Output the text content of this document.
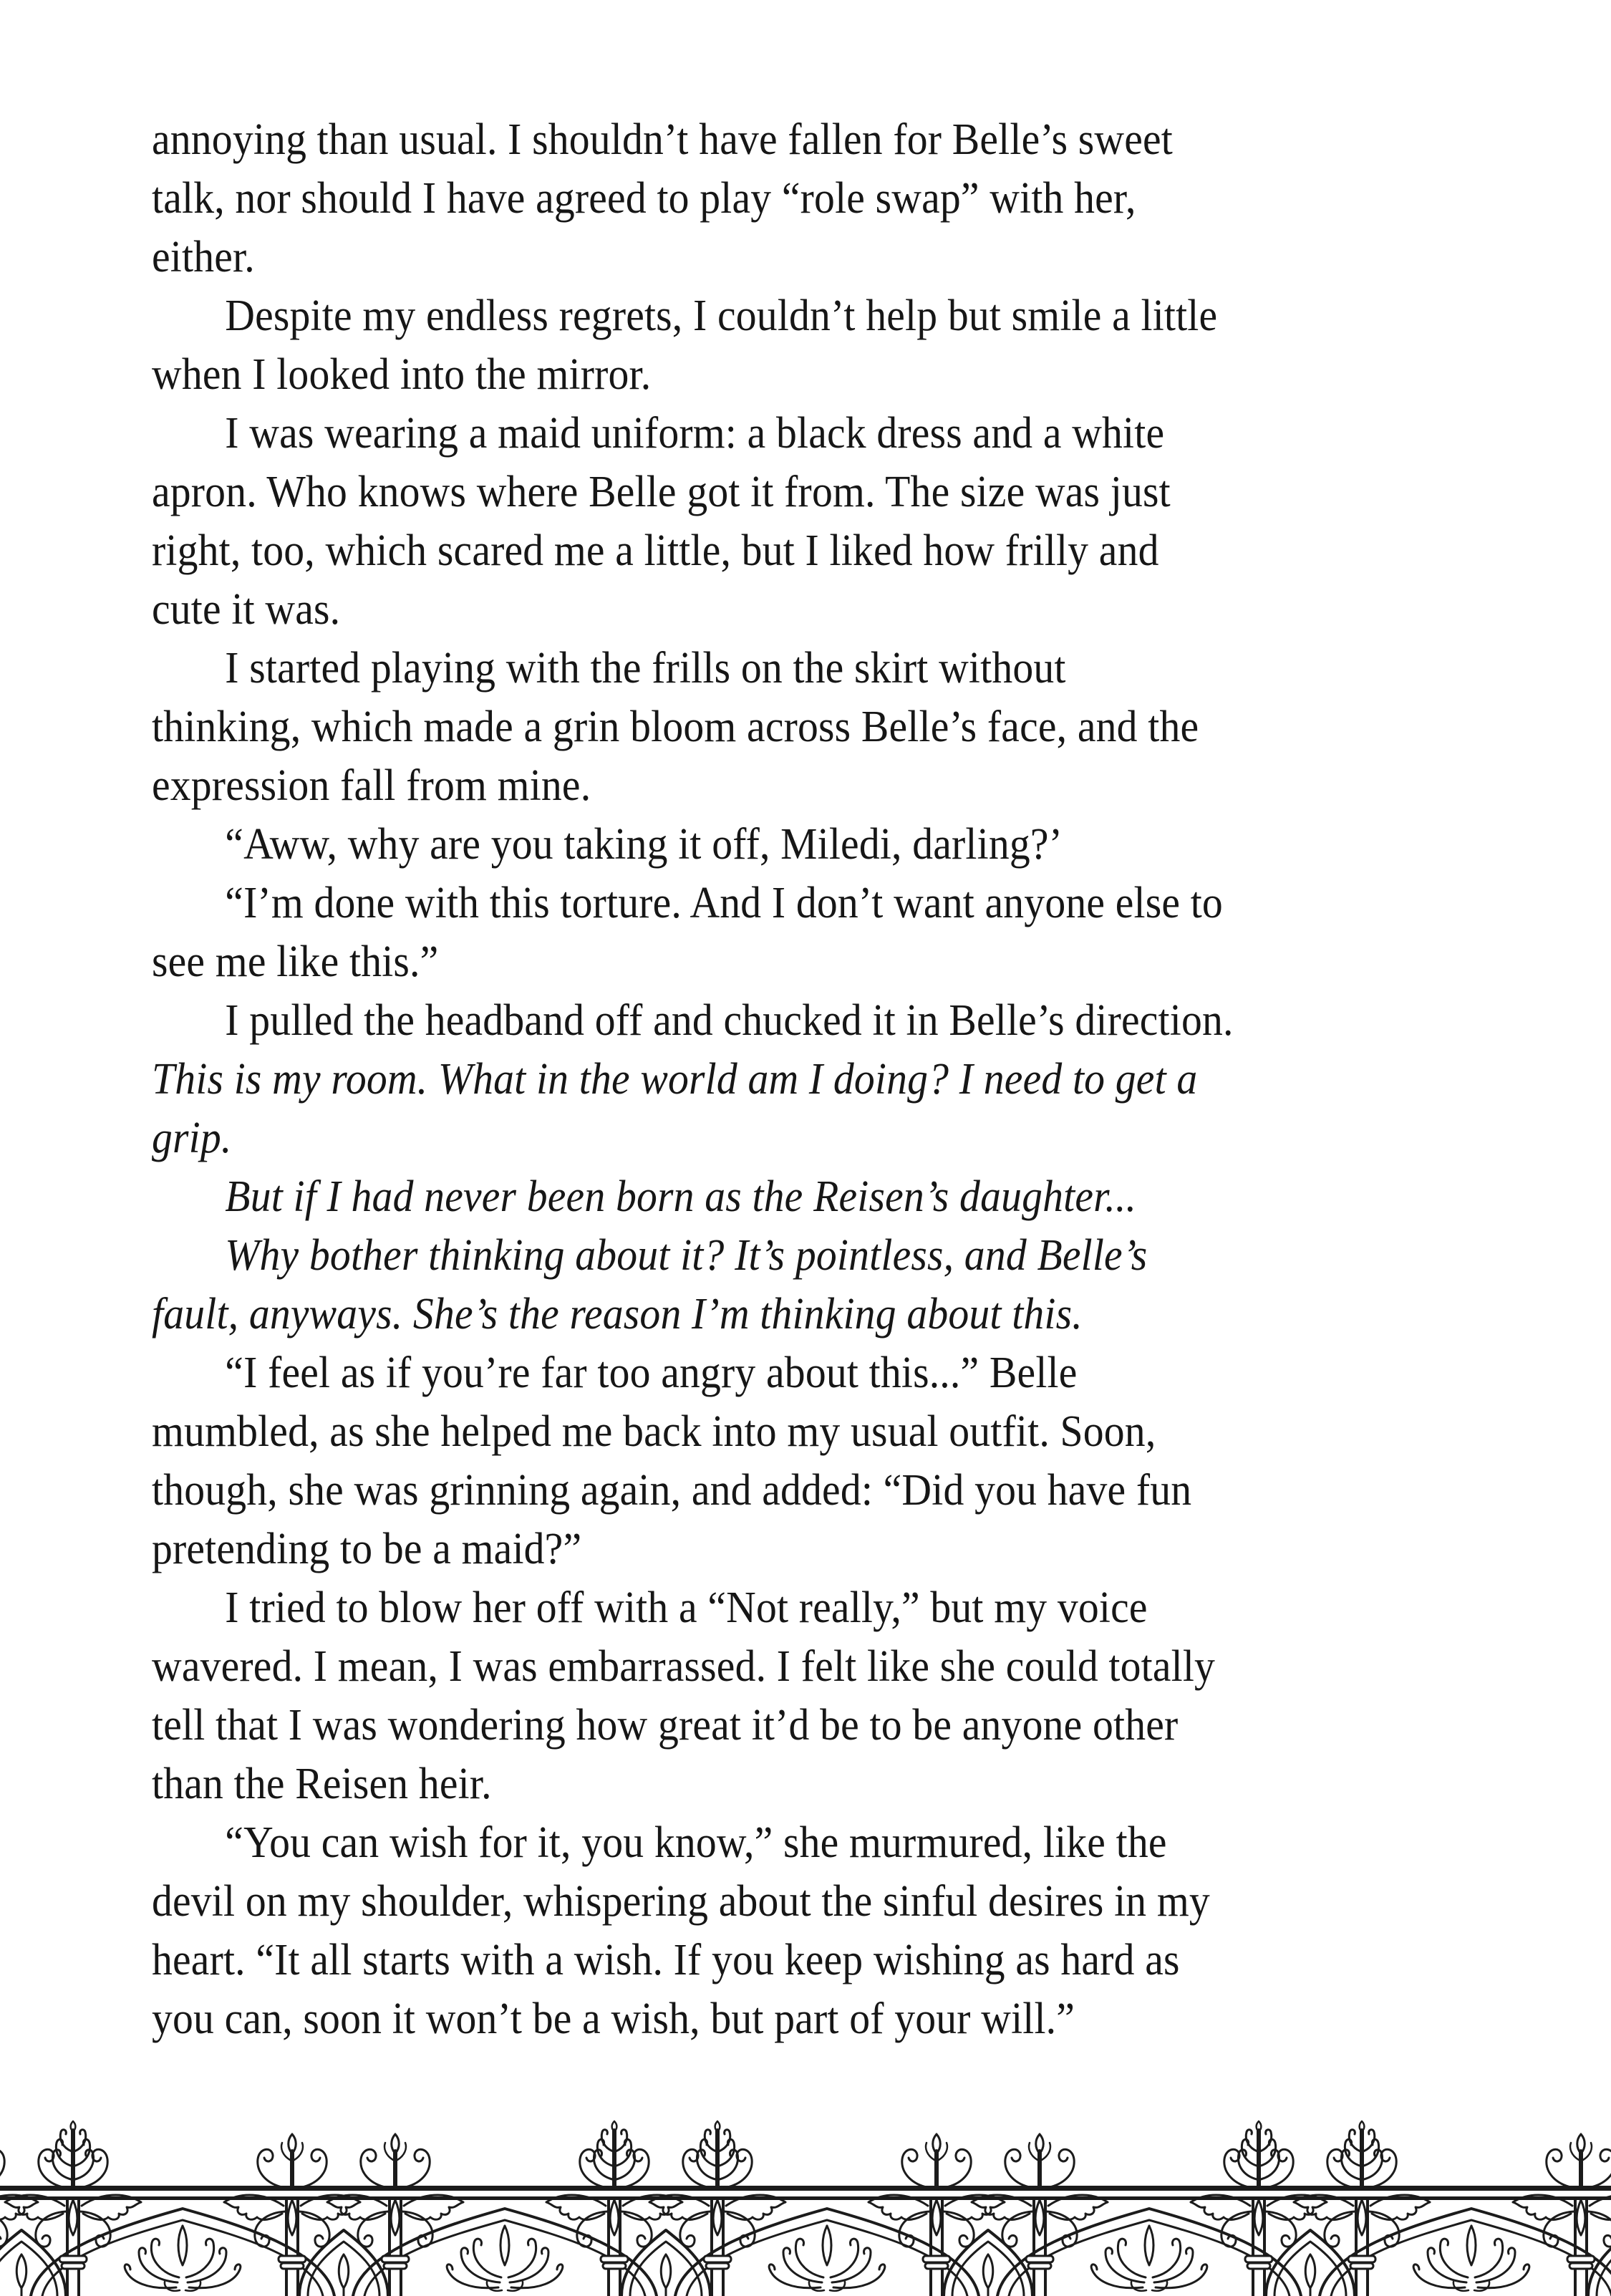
annoying than usual. I shouldn’t have fallen for Belle’s sweet
talk, nor should I have agreed to play “role swap” with her,
either.
Despite my endless regrets, I couldn’t help but smile a little
when I looked into the mirror.
I was wearing a maid uniform: a black dress and a white
apron. Who knows where Belle got it from. The size was just
right, too, which scared me a little, but I liked how frilly and
cute it was.
I started playing with the frills on the skirt without
thinking, which made a grin bloom across Belle’s face, and the
expression fall from mine.
“Aww, why are you taking it off, Miledi, darling?’
“I’m done with this torture. And I don’t want anyone else to
see me like this.”
I pulled the headband off and chucked it in Belle’s direction.
This is my room. What in the world am I doing? I need to get a
grip.
But if I had never been born as the Reisen’s daughter...
Why bother thinking about it? It’s pointless, and Belle’s
fault, anyways. She’s the reason I’m thinking about this.
“I feel as if you’re far too angry about this...” Belle
mumbled, as she helped me back into my usual outfit. Soon,
though, she was grinning again, and added: “Did you have fun
pretending to be a maid?”
I tried to blow her off with a “Not really,” but my voice
wavered. I mean, I was embarrassed. I felt like she could totally
tell that I was wondering how great it’d be to be anyone other
than the Reisen heir.
“You can wish for it, you know,” she murmured, like the
devil on my shoulder, whispering about the sinful desires in my
heart. “It all starts with a wish. If you keep wishing as hard as
you can, soon it won’t be a wish, but part of your will.”
